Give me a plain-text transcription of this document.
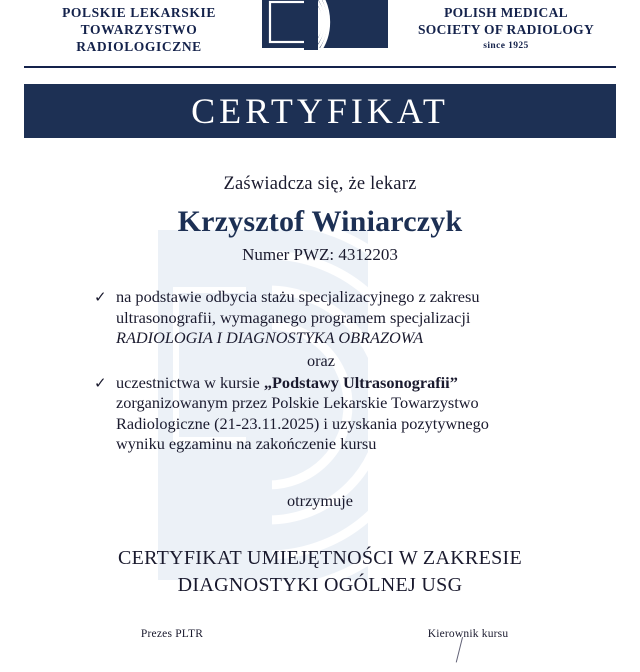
POLSKIE LEKARSKIE
TOWARZYSTWO RADIOLOGICZNE
POLISH MEDICAL
SOCIETY OF RADIOLOGY
since 1925
CERTYFIKAT
Zaświadcza się, że lekarz
Krzysztof Winiarczyk
Numer PWZ: 4312203
✓ na podstawie odbycia stażu specjalizacyjnego z zakresu

ultrasonografii, wymaganego programem specjalizacji

RADIOLOGIA I DIAGNOSTYKA OBRAZOWA

oraz
✓ uczestnictwa w kursie „Podstawy Ultrasonografii”

zorganizowanym przez Polskie Lekarskie Towarzystwo

Radiologiczne (21-23.11.2025) i uzyskania pozytywnego

wyniku egzaminu na zakończenie kursu

otrzymuje
CERTYFIKAT UMIEJĘTNOŚCI W ZAKRESIE
DIAGNOSTYKI OGÓLNEJ USG
Prezes PLTR	Kierownik kursu
